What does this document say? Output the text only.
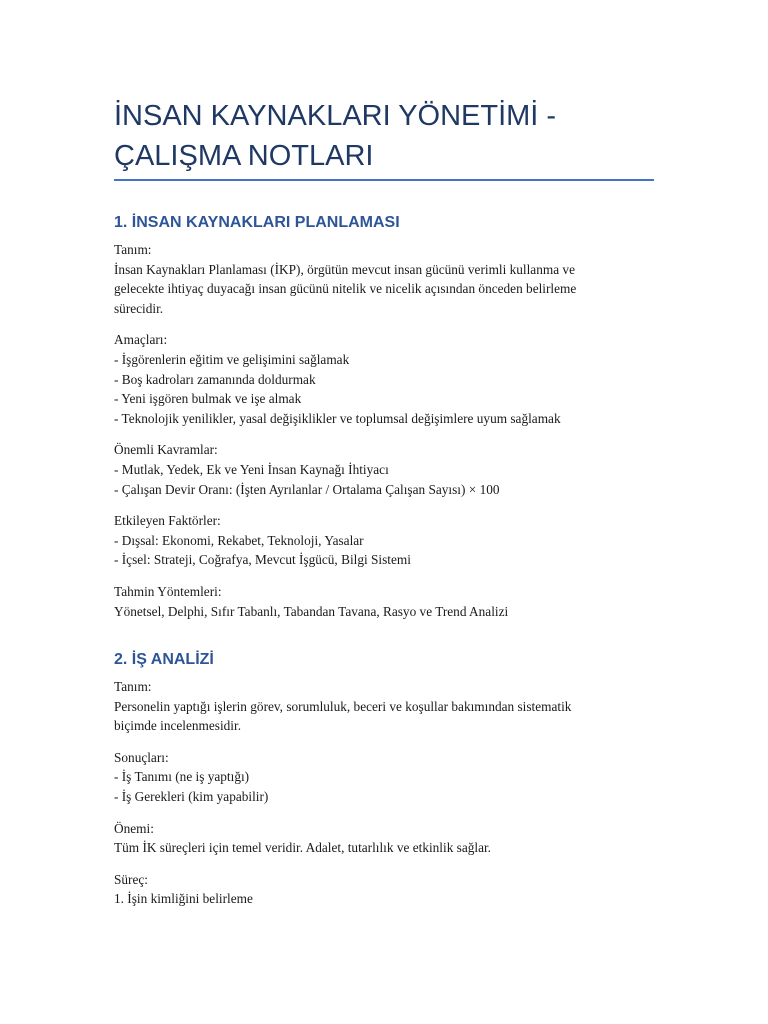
İNSAN KAYNAKLARI YÖNETİMİ -
ÇALIŞMA NOTLARI
1. İNSAN KAYNAKLARI PLANLAMASI

Tanım:

İnsan Kaynakları Planlaması (İKP), örgütün mevcut insan gücünü verimli kullanma ve

gelecekte ihtiyaç duyacağı insan gücünü nitelik ve nicelik açısından önceden belirleme

sürecidir.

Amaçları:

- İşgörenlerin eğitim ve gelişimini sağlamak

- Boş kadroları zamanında doldurmak

- Yeni işgören bulmak ve işe almak

- Teknolojik yenilikler, yasal değişiklikler ve toplumsal değişimlere uyum sağlamak

Önemli Kavramlar:

- Mutlak, Yedek, Ek ve Yeni İnsan Kaynağı İhtiyacı

- Çalışan Devir Oranı: (İşten Ayrılanlar / Ortalama Çalışan Sayısı) × 100

Etkileyen Faktörler:

- Dışsal: Ekonomi, Rekabet, Teknoloji, Yasalar

- İçsel: Strateji, Coğrafya, Mevcut İşgücü, Bilgi Sistemi

Tahmin Yöntemleri:

Yönetsel, Delphi, Sıfır Tabanlı, Tabandan Tavana, Rasyo ve Trend Analizi

2. İŞ ANALİZİ

Tanım:

Personelin yaptığı işlerin görev, sorumluluk, beceri ve koşullar bakımından sistematik

biçimde incelenmesidir.

Sonuçları:

- İş Tanımı (ne iş yaptığı)

- İş Gerekleri (kim yapabilir)

Önemi:

Tüm İK süreçleri için temel veridir. Adalet, tutarlılık ve etkinlik sağlar.

Süreç:

1. İşin kimliğini belirleme
